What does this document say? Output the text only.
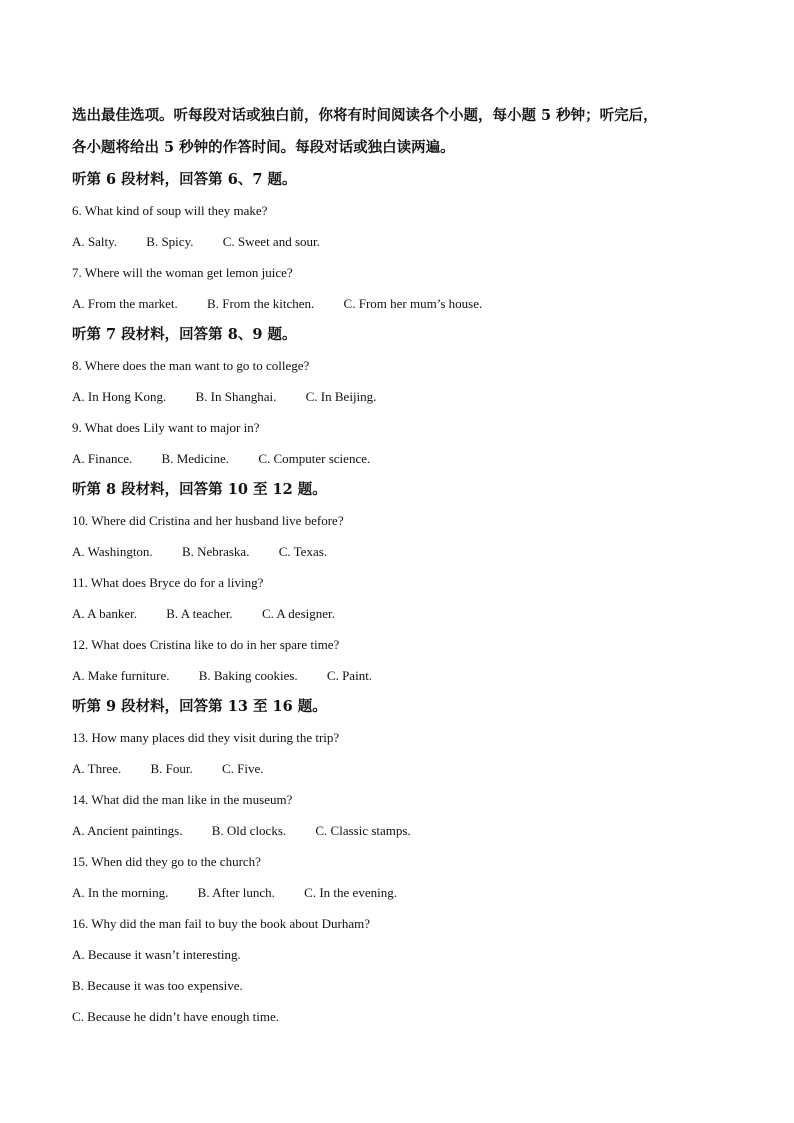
选出最佳选项。听每段对话或独白前，你将有时间阅读各个小题，每小题 5 秒钟；听完后，

各小题将给出 5 秒钟的作答时间。每段对话或独白读两遍。

听第 6 段材料，回答第 6、7 题。

6. What kind of soup will they make?

A. Salty. B. Spicy. C. Sweet and sour.

7. Where will the woman get lemon juice?

A. From the market. B. From the kitchen. C. From her mum’s house.

听第 7 段材料，回答第 8、9 题。

8. Where does the man want to go to college?

A. In Hong Kong. B. In Shanghai. C. In Beijing.

9. What does Lily want to major in?

A. Finance. B. Medicine. C. Computer science.

听第 8 段材料，回答第 10 至 12 题。

10. Where did Cristina and her husband live before?

A. Washington. B. Nebraska. C. Texas.

11. What does Bryce do for a living?

A. A banker. B. A teacher. C. A designer.

12. What does Cristina like to do in her spare time?

A. Make furniture. B. Baking cookies. C. Paint.

听第 9 段材料，回答第 13 至 16 题。

13. How many places did they visit during the trip?

A. Three. B. Four. C. Five.

14. What did the man like in the museum?

A. Ancient paintings. B. Old clocks. C. Classic stamps.

15. When did they go to the church?

A. In the morning. B. After lunch. C. In the evening.

16. Why did the man fail to buy the book about Durham?

A. Because it wasn’t interesting.

B. Because it was too expensive.

C. Because he didn’t have enough time.
